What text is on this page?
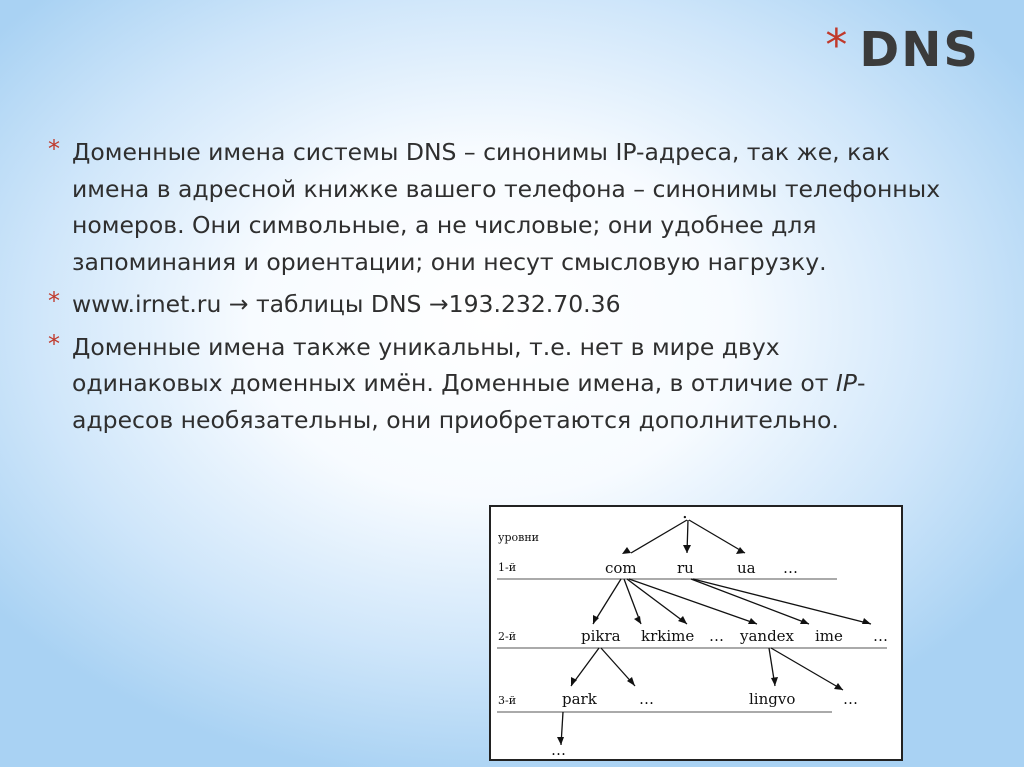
* DNS
* Доменные имена системы DNS – синонимы IP-адреса, так же, как имена в адресной книжке вашего телефона – синонимы телефонных номеров. Они символьные, а не числовые; они удобнее для запоминания и ориентации; они несут смысловую нагрузку.
* www.irnet.ru → таблицы DNS →193.232.70.36
* Доменные имена также уникальны, т.е. нет в мире двух одинаковых доменных имён. Доменные имена, в отличие от IP-адресов необязательны, они приобретаются дополнительно.
уровни
.
1-й
2-й
3-й
com	ru	ua …
pikra krkime … yandex ime …
park	…	lingvo	…
…
